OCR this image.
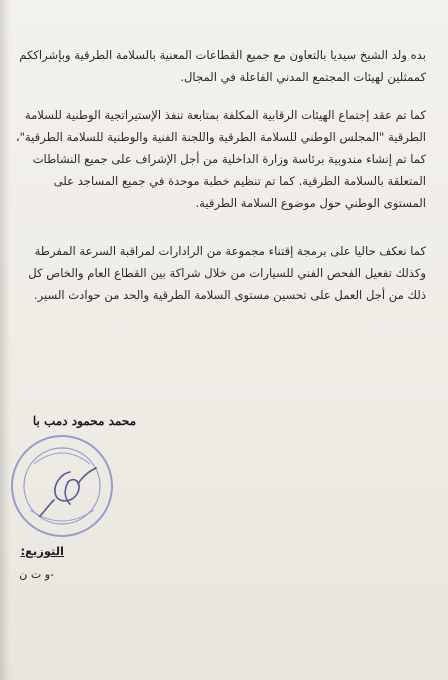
بده ولد الشيخ سيديا بالتعاون مع جميع القطاعات المعنية بالسلامة الطرقية وبإشراككم كممثلين لهيئات المجتمع المدني الفاعلة في المجال.

كما تم عقد إجتماع الهيئات الرقابية المكلفة بمتابعة تنفذ الإستيراتجية الوطنية للسلامة الطرقية "المجلس الوطني للسلامة الطرقية واللجنة الفنية والوطنية للسلامة الطرقية"، كما تم إنشاء مندوبية برئاسة وزارة الداخلية من أجل الإشراف على جميع النشاطات المتعلقة بالسلامة الطرقية. كما تم تنظيم خطبة موحدة في جميع المساجد على المستوى الوطني حول موضوع السلامة الطرقية.

كما نعكف حاليا على برمجة إقتناء مجموعة من الرادارات لمراقبة السرعة المفرطة وكذلك تفعيل الفحص الفني للسيارات من خلال شراكة بين القطاع العام والخاص كل ذلك من أجل العمل على تحسين مستوى السلامة الطرقية والحد من حوادث السير.

محمد محمود دمب با
التوزيع:
-و ت ن
